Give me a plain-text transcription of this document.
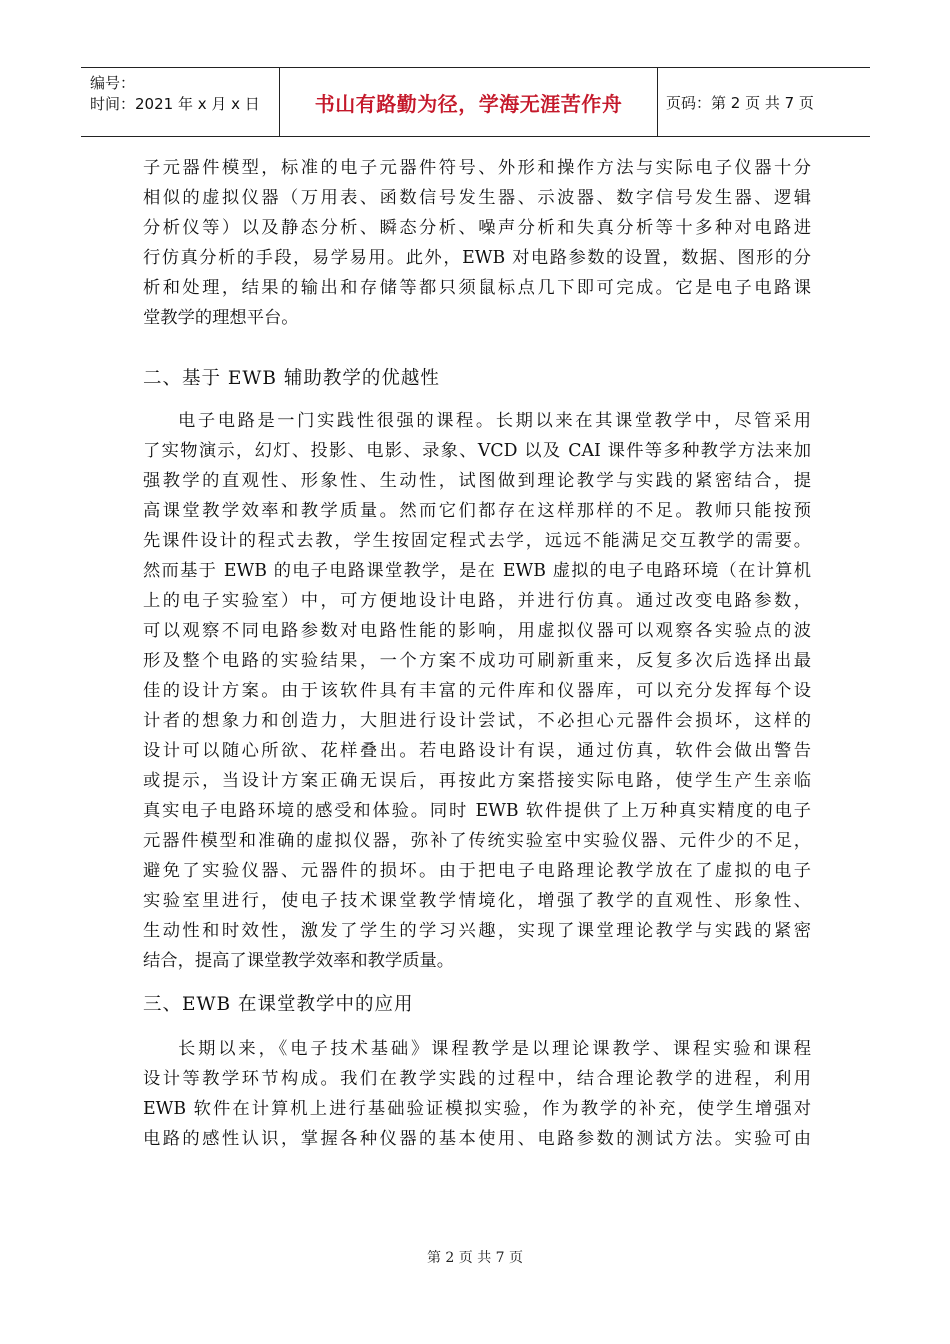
编号：
时间：2021 年 x 月 x 日	书山有路勤为径，学海无涯苦作舟	页码：第 2 页 共 7 页
子元器件模型，标准的电子元器件符号、外形和操作方法与实际电子仪器十分
相似的虚拟仪器（万用表、函数信号发生器、示波器、数字信号发生器、逻辑
分析仪等）以及静态分析、瞬态分析、噪声分析和失真分析等十多种对电路进
行仿真分析的手段，易学易用。此外，EWB 对电路参数的设置，数据、图形的分
析和处理，结果的输出和存储等都只须鼠标点几下即可完成。它是电子电路课
堂教学的理想平台。
二、基于 EWB 辅助教学的优越性
电子电路是一门实践性很强的课程。长期以来在其课堂教学中，尽管采用
了实物演示，幻灯、投影、电影、录象、VCD 以及 CAI 课件等多种教学方法来加
强教学的直观性、形象性、生动性，试图做到理论教学与实践的紧密结合，提
高课堂教学效率和教学质量。然而它们都存在这样那样的不足。教师只能按预
先课件设计的程式去教，学生按固定程式去学，远远不能满足交互教学的需要。
然而基于 EWB 的电子电路课堂教学，是在 EWB 虚拟的电子电路环境（在计算机
上的电子实验室）中，可方便地设计电路，并进行仿真。通过改变电路参数，
可以观察不同电路参数对电路性能的影响，用虚拟仪器可以观察各实验点的波
形及整个电路的实验结果，一个方案不成功可刷新重来，反复多次后选择出最
佳的设计方案。由于该软件具有丰富的元件库和仪器库，可以充分发挥每个设
计者的想象力和创造力，大胆进行设计尝试，不必担心元器件会损坏，这样的
设计可以随心所欲、花样叠出。若电路设计有误，通过仿真，软件会做出警告
或提示，当设计方案正确无误后，再按此方案搭接实际电路，使学生产生亲临
真实电子电路环境的感受和体验。同时 EWB 软件提供了上万种真实精度的电子
元器件模型和准确的虚拟仪器，弥补了传统实验室中实验仪器、元件少的不足，
避免了实验仪器、元器件的损坏。由于把电子电路理论教学放在了虚拟的电子
实验室里进行，使电子技术课堂教学情境化，增强了教学的直观性、形象性、
生动性和时效性，激发了学生的学习兴趣，实现了课堂理论教学与实践的紧密
结合，提高了课堂教学效率和教学质量。
三、EWB 在课堂教学中的应用
长期以来，《电子技术基础》课程教学是以理论课教学、课程实验和课程
设计等教学环节构成。我们在教学实践的过程中，结合理论教学的进程，利用
EWB 软件在计算机上进行基础验证模拟实验，作为教学的补充，使学生增强对
电路的感性认识，掌握各种仪器的基本使用、电路参数的测试方法。实验可由
第 2 页 共 7 页
